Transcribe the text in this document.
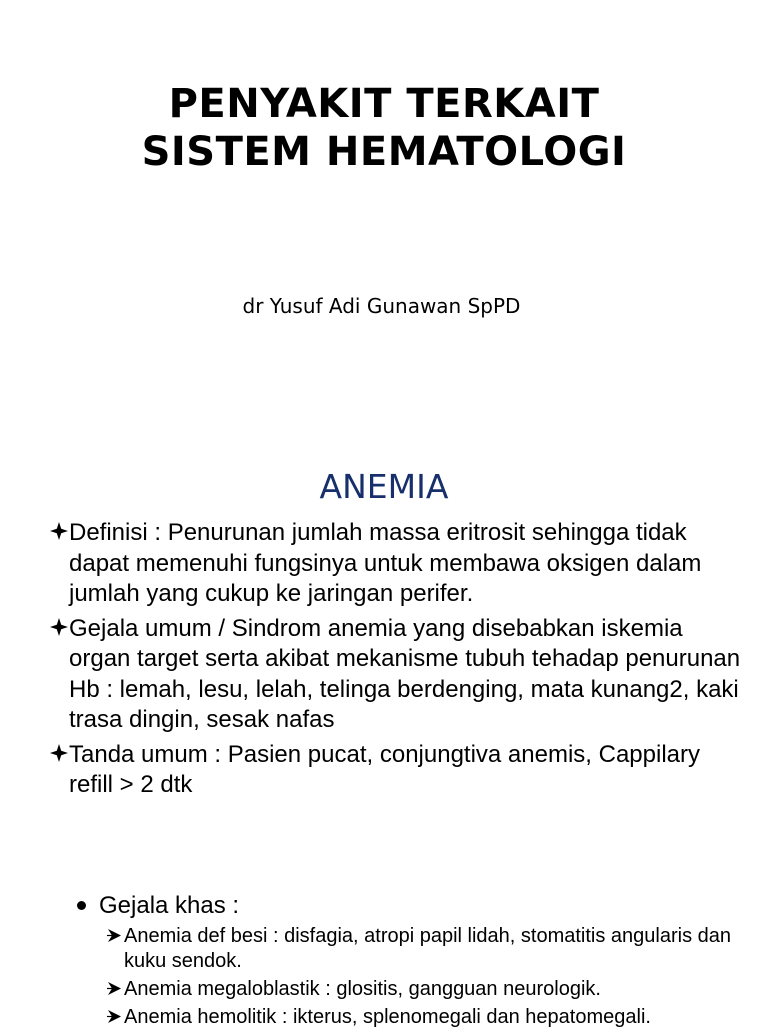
PENYAKIT TERKAIT
SISTEM HEMATOLOGI
dr Yusuf Adi Gunawan SpPD
ANEMIA
Definisi : Penurunan jumlah massa eritrosit sehingga tidak dapat memenuhi fungsinya untuk membawa oksigen dalam jumlah yang cukup ke jaringan perifer.
Gejala umum / Sindrom anemia yang disebabkan iskemia organ target serta akibat mekanisme tubuh tehadap penurunan Hb : lemah, lesu, lelah, telinga berdenging, mata kunang2, kaki trasa dingin, sesak nafas
Tanda umum : Pasien pucat, conjungtiva anemis, Cappilary refill > 2 dtk
Gejala khas :
Anemia def besi : disfagia, atropi papil lidah, stomatitis angularis dan kuku sendok.
Anemia megaloblastik : glositis, gangguan neurologik.
Anemia hemolitik : ikterus, splenomegali dan hepatomegali.
